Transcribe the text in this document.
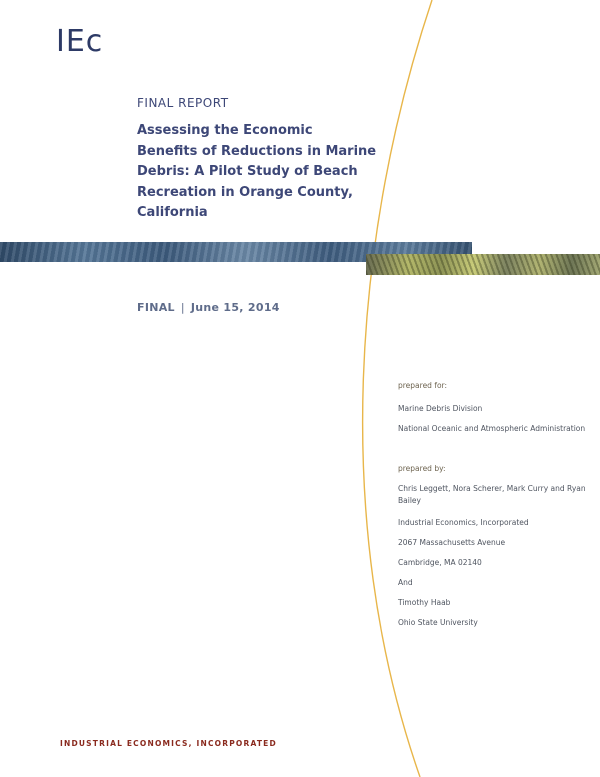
IEc
FINAL REPORT
Assessing the Economic Benefits of Reductions in Marine Debris: A Pilot Study of Beach Recreation in Orange County, California
FINAL | June 15, 2014
prepared for:
Marine Debris Division
National Oceanic and Atmospheric Administration
prepared by:
Chris Leggett, Nora Scherer, Mark Curry and Ryan Bailey
Industrial Economics, Incorporated
2067 Massachusetts Avenue
Cambridge, MA 02140
And
Timothy Haab
Ohio State University
INDUSTRIAL ECONOMICS, INCORPORATED
